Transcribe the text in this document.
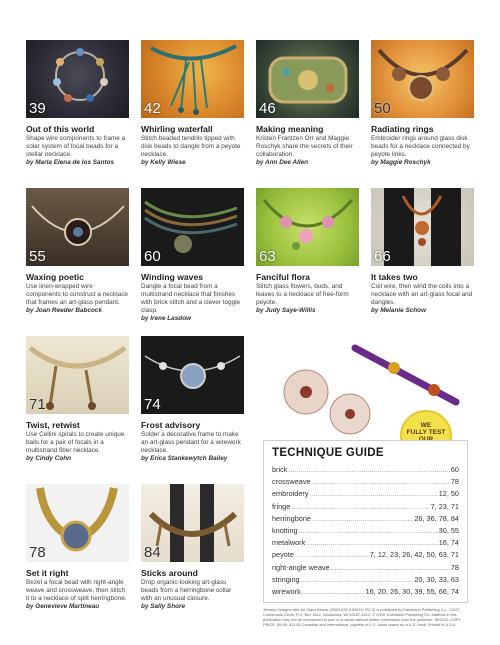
39
Out of this world
Shape wire components to frame a solar system of focal beads for a stellar necklace.
by Marla Elena de los Santos
42
Whirling waterfall
Stitch beaded tendrils tipped with disk beads to dangle from a peyote necklace.
by Kelly Wiese
46
Making meaning
Kristen Frantzen Orr and Maggie Roschyk share the secrets of their collaboration.
by Ann Dee Allen
50
Radiating rings
Embroider rings around glass disk beads for a necklace connected by peyote links.
by Maggie Roschyk
55
Waxing poetic
Use linen-wrapped wire components to construct a necklace that frames an art-glass pendant.
by Joan Reeder Babcock
60
Winding waves
Dangle a focal bead from a multistrand necklace that finishes with brick stitch and a clever toggle clasp.
by Irene Lasdow
63
Fanciful flora
Stitch glass flowers, buds, and leaves to a necklace of free-form peyote.
by Judy Saye-Willis
66
It takes two
Coil wire, then wind the coils into a necklace with an art-glass focal and dangles.
by Melanie Schow
71
Twist, retwist
Use Cellini spirals to create unique bails for a pair of focals in a multistrand fiber necklace.
by Cindy Cohn
74
Frost advisory
Solder a decorative frame to make an art-glass pendant for a wirework necklace.
by Erica Stankewytch Bailey
78
Set it right
Bezel a focal bead with right-angle weave and crossweave, then stitch it to a necklace of split herringbone.
by Genevieve Martineau
84
Sticks around
Drop organic-looking art-glass beads from a herringbone collar with an unusual closure.
by Sally Shore
WE
FULLY TEST
TECHNIQUE GUIDE
brick .....	60
crossweave .....	78
embroidery .....	12, 50
fringe .....	7, 23, 71
herringbone .....	26, 36, 78, 84
knotting .....	30, 55
metalwork .....	16, 74
peyote .....	7, 12, 23, 26, 42, 50, 63, 71
right-angle weave .....	78
stringing .....	20, 30, 33, 63
wirework .....	16, 20, 26, 30, 39, 55, 66, 74
Jewelry Designs with Art Glass Beads (ISBN 978-0-89024-762-3) is published by Kalmbach Publishing Co., 21027 Crossroads Circle, P.O. Box 1612, Waukesha, WI 53187-1612. © 2009, Kalmbach Publishing Co. Material in this publication may not be reproduced in part or in whole without written permission from the publisher. SINGLE COPY PRICE: $9.95; $11.95 Canadian and international, payable in U.S. funds drawn on a U.S. bank. Printed in U.S.A.
